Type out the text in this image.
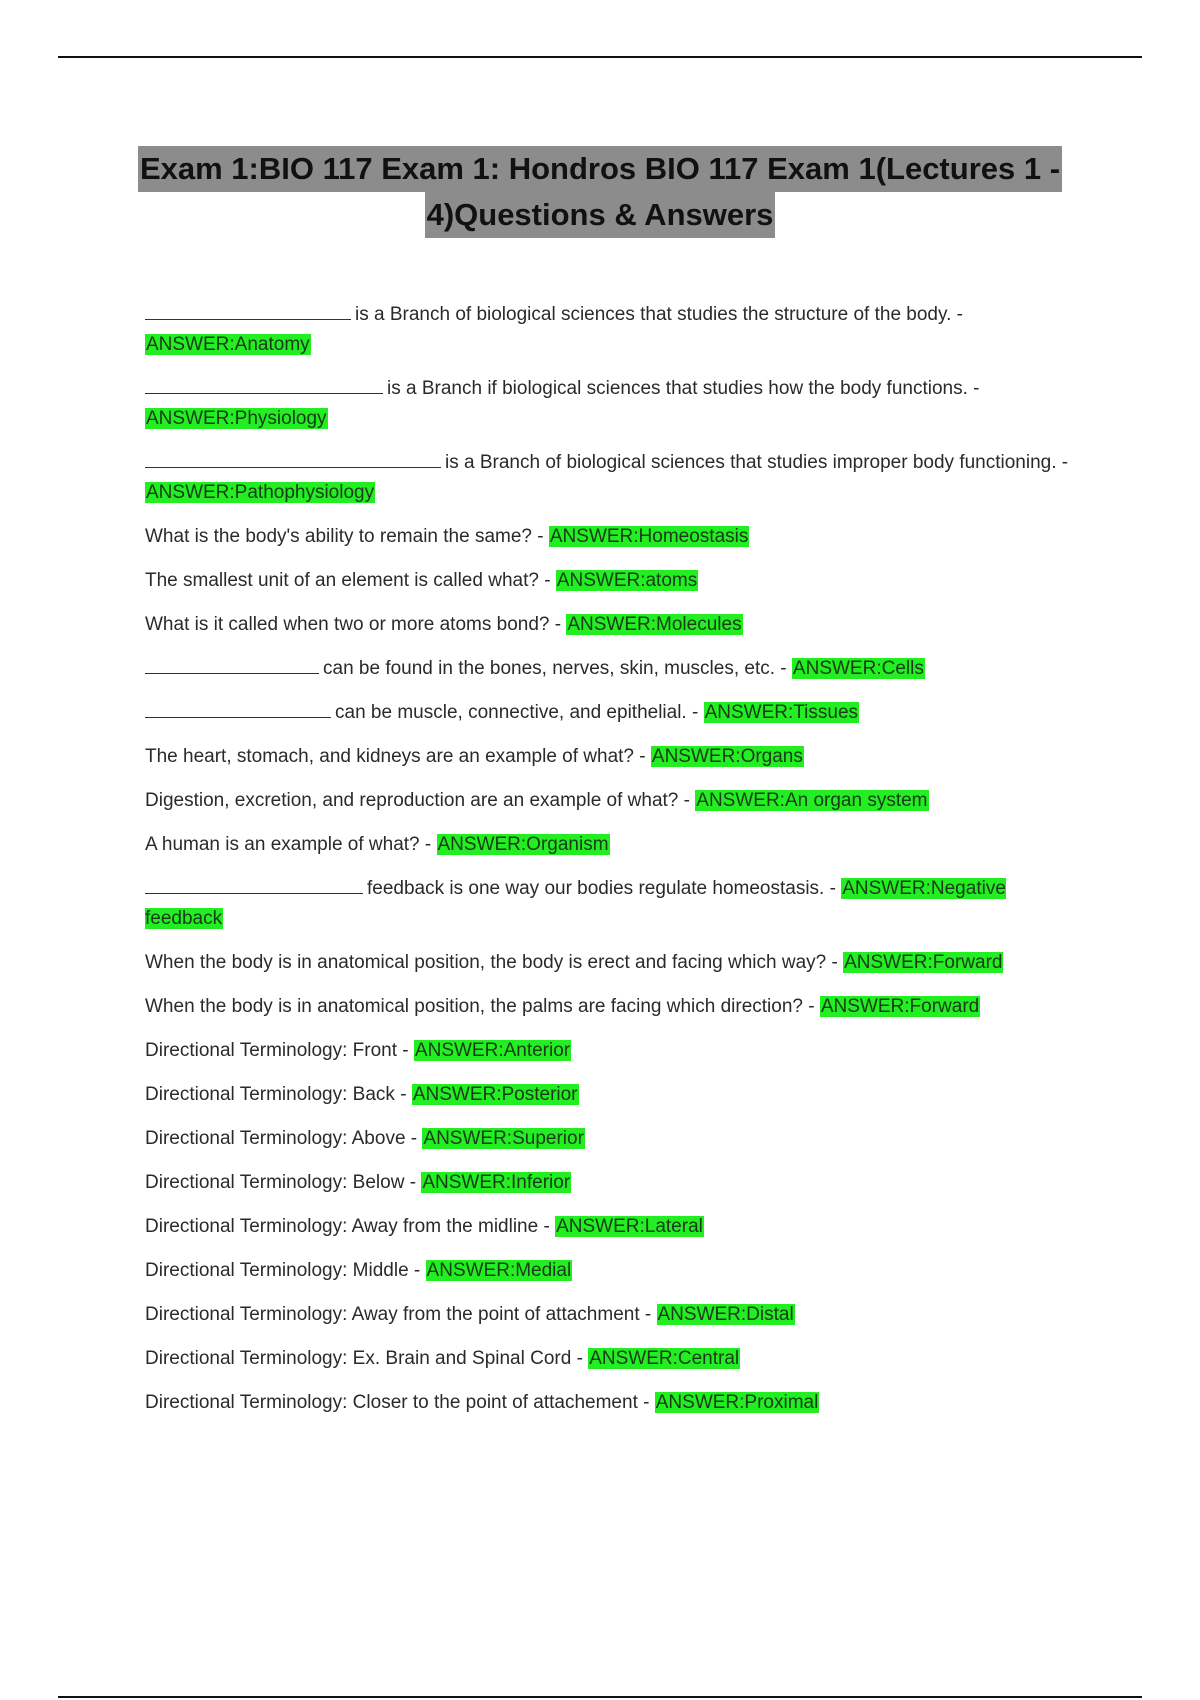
Exam 1:BIO 117 Exam 1: Hondros BIO 117 Exam 1(Lectures 1 -
4)Questions & Answers
is a Branch of biological sciences that studies the structure of the body. - ANSWER:Anatomy
is a Branch if biological sciences that studies how the body functions. - ANSWER:Physiology
is a Branch of biological sciences that studies improper body functioning. - ANSWER:Pathophysiology
What is the body's ability to remain the same? - ANSWER:Homeostasis
The smallest unit of an element is called what? - ANSWER:atoms
What is it called when two or more atoms bond? - ANSWER:Molecules
can be found in the bones, nerves, skin, muscles, etc. - ANSWER:Cells
can be muscle, connective, and epithelial. - ANSWER:Tissues
The heart, stomach, and kidneys are an example of what? - ANSWER:Organs
Digestion, excretion, and reproduction are an example of what? - ANSWER:An organ system
A human is an example of what? - ANSWER:Organism
feedback is one way our bodies regulate homeostasis. - ANSWER:Negative feedback
When the body is in anatomical position, the body is erect and facing which way? - ANSWER:Forward
When the body is in anatomical position, the palms are facing which direction? - ANSWER:Forward
Directional Terminology: Front - ANSWER:Anterior
Directional Terminology: Back - ANSWER:Posterior
Directional Terminology: Above - ANSWER:Superior
Directional Terminology: Below - ANSWER:Inferior
Directional Terminology: Away from the midline - ANSWER:Lateral
Directional Terminology: Middle - ANSWER:Medial
Directional Terminology: Away from the point of attachment - ANSWER:Distal
Directional Terminology: Ex. Brain and Spinal Cord - ANSWER:Central
Directional Terminology: Closer to the point of attachement - ANSWER:Proximal
